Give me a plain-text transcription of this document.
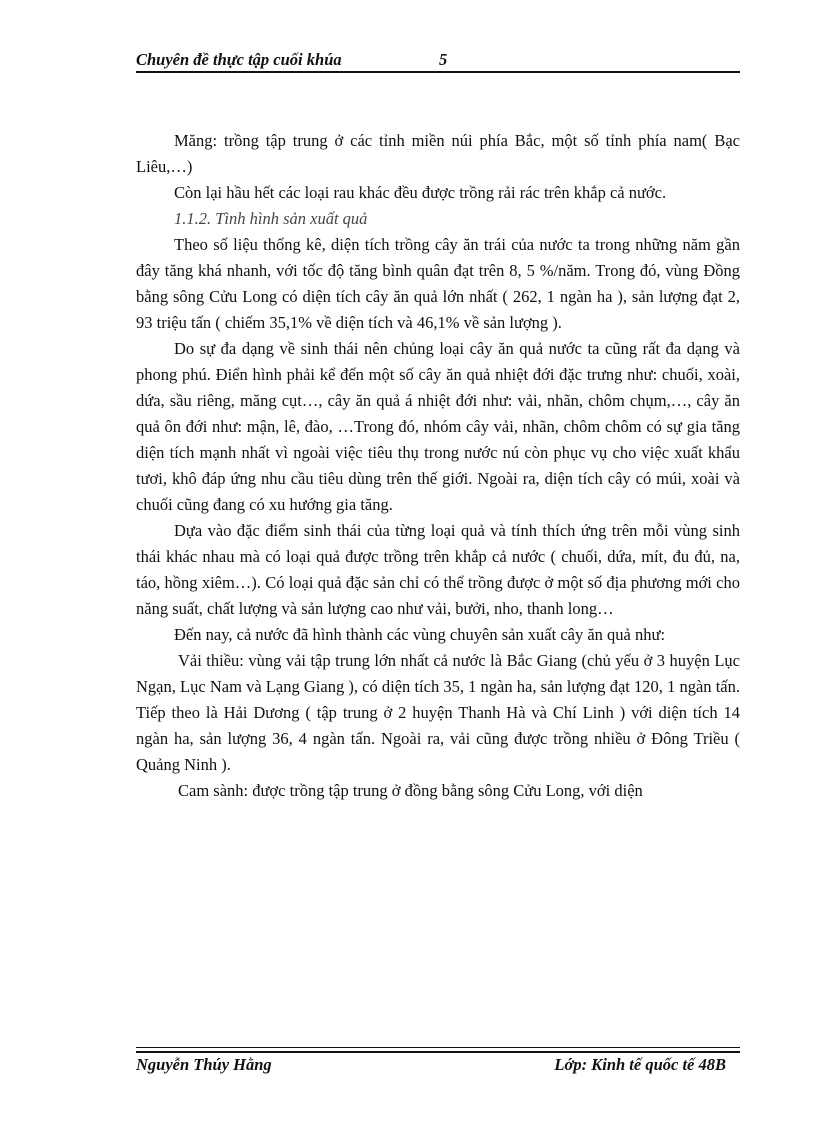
Chuyên đề thực tập cuối khúa	5

Măng: trồng tập trung ở các tỉnh miền núi phía Bắc, một số tỉnh phía nam( Bạc Liêu,…)

Còn lại hầu hết các loại rau khác đều được trồng rải rác trên khắp cả nước.

1.1.2. Tình hình sản xuất quả

Theo số liệu thống kê, diện tích trồng cây ăn trái của nước ta trong những năm gần đây tăng khá nhanh, với tốc độ tăng bình quân đạt trên 8, 5 %/năm. Trong đó, vùng Đồng bằng sông Cửu Long có diện tích cây ăn quả lớn nhất ( 262, 1 ngàn ha ), sản lượng đạt 2, 93 triệu tấn ( chiếm 35,1% về diện tích và 46,1% về sản lượng ).

Do sự đa dạng về sinh thái nên chủng loại cây ăn quả nước ta cũng rất đa dạng và phong phú. Điển hình phải kể đến một số cây ăn quả nhiệt đới đặc trưng như: chuối, xoài, dứa, sầu riêng, măng cụt…, cây ăn quả á nhiệt đới như: vải, nhãn, chôm chụm,…, cây ăn quả ôn đới như: mận, lê, đào, …Trong đó, nhóm cây vải, nhãn, chôm chôm có sự gia tăng diện tích mạnh nhất vì ngoài việc tiêu thụ trong nước nú còn phục vụ cho việc xuất khẩu tươi, khô đáp ứng nhu cầu tiêu dùng trên thế giới. Ngoài ra, diện tích cây có múi, xoài và chuối cũng đang có xu hướng gia tăng.

Dựa vào đặc điểm sinh thái của từng loại quả và tính thích ứng trên mỗi vùng sinh thái khác nhau mà có loại quả được trồng trên khắp cả nước ( chuối, dứa, mít, đu đủ, na, táo, hồng xiêm…). Có loại quả đặc sản chỉ có thể trồng được ở một số địa phương mới cho năng suất, chất lượng và sản lượng cao như vải, bưởi, nho, thanh long…

Đến nay, cả nước đã hình thành các vùng chuyên sản xuất cây ăn quả như:

Vải thiều: vùng vải tập trung lớn nhất cả nước là Bắc Giang (chủ yếu ở 3 huyện Lục Ngạn, Lục Nam và Lạng Giang ), có diện tích 35, 1 ngàn ha, sản lượng đạt 120, 1 ngàn tấn. Tiếp theo là Hải Dương ( tập trung ở 2 huyện Thanh Hà và Chí Linh ) với diện tích 14 ngàn ha, sản lượng 36, 4 ngàn tấn. Ngoài ra, vải cũng được trồng nhiều ở Đông Triều ( Quảng Ninh ).

Cam sành: được trồng tập trung ở đồng bằng sông Cửu Long, với diện

Nguyễn Thúy Hằng	Lớp: Kinh tế quốc tế 48B
